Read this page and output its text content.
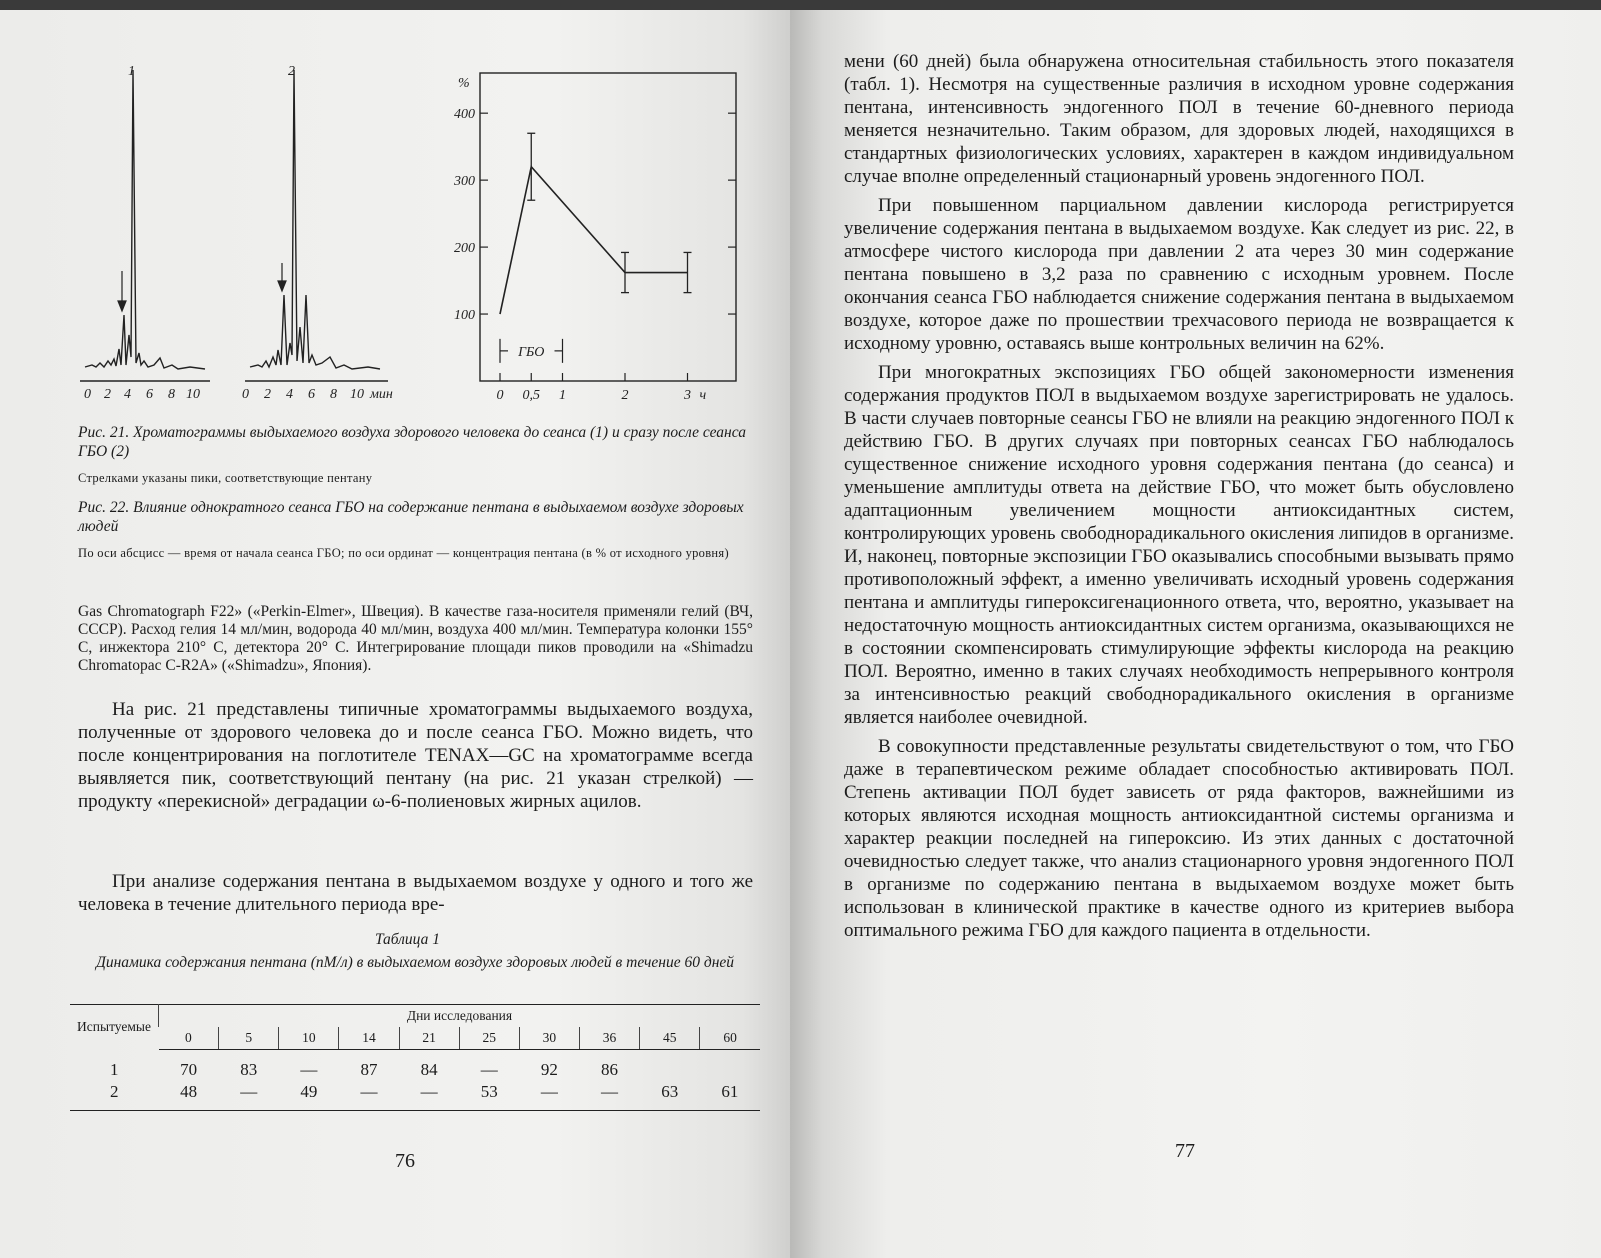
1	2
0 2 4 6 8 10	0 2 4 6 8 10 мин
%
400
300
200
100
0 0,5 1	2	3 ч
ГБО

Рис. 21. Хроматограммы выдыхаемого воздуха здорового человека до сеанса (1) и сразу после сеанса ГБО (2)

Стрелками указаны пики, соответствующие пентану

Рис. 22. Влияние однократного сеанса ГБО на содержание пентана в выдыхаемом воздухе здоровых людей

По оси абсцисс — время от начала сеанса ГБО; по оси ординат — концентрация пентана (в % от исходного уровня)

Gas Chromatograph F22» («Perkin-Elmer», Швеция). В качестве газа-носителя применяли гелий (ВЧ, СССР). Расход гелия 14 мл/мин, водорода 40 мл/мин, воздуха 400 мл/мин. Температура колонки 155° С, инжектора 210° С, детектора 20° С. Интегрирование площади пиков проводили на «Shimadzu Chromatopac C-R2A» («Shimadzu», Япония).

На рис. 21 представлены типичные хроматограммы выдыхаемого воздуха, полученные от здорового человека до и после сеанса ГБО. Можно видеть, что после концентрирования на поглотителе TENAX—GC на хроматограмме всегда выявляется пик, соответствующий пентану (на рис. 21 указан стрелкой) — продукту «перекисной» деградации ω-6-полиеновых жирных ацилов.

При анализе содержания пентана в выдыхаемом воздухе у одного и того же человека в течение длительного периода вре-

Таблица 1

Динамика содержания пентана (nМ/л) в выдыхаемом воздухе здоровых людей в течение 60 дней

Испытуемые	Дни исследования									
	0	5	10	14	21	25	30	36	45	60
1	70	83	—	87	84	—	92	86		
2	48	—	49	—	—	53	—	—	63	61
76

мени (60 дней) была обнаружена относительная стабильность этого показателя (табл. 1). Несмотря на существенные различия в исходном уровне содержания пентана, интенсивность эндогенного ПОЛ в течение 60-дневного периода меняется незначительно. Таким образом, для здоровых людей, находящихся в стандартных физиологических условиях, характерен в каждом индивидуальном случае вполне определенный стационарный уровень эндогенного ПОЛ.

При повышенном парциальном давлении кислорода регистрируется увеличение содержания пентана в выдыхаемом воздухе. Как следует из рис. 22, в атмосфере чистого кислорода при давлении 2 ата через 30 мин содержание пентана повышено в 3,2 раза по сравнению с исходным уровнем. После окончания сеанса ГБО наблюдается снижение содержания пентана в выдыхаемом воздухе, которое даже по прошествии трехчасового периода не возвращается к исходному уровню, оставаясь выше контрольных величин на 62%.

При многократных экспозициях ГБО общей закономерности изменения содержания продуктов ПОЛ в выдыхаемом воздухе зарегистрировать не удалось. В части случаев повторные сеансы ГБО не влияли на реакцию эндогенного ПОЛ к действию ГБО. В других случаях при повторных сеансах ГБО наблюдалось существенное снижение исходного уровня содержания пентана (до сеанса) и уменьшение амплитуды ответа на действие ГБО, что может быть обусловлено адаптационным увеличением мощности антиоксидантных систем, контролирующих уровень свободнорадикального окисления липидов в организме. И, наконец, повторные экспозиции ГБО оказывались способными вызывать прямо противоположный эффект, а именно увеличивать исходный уровень содержания пентана и амплитуды гипероксигенационного ответа, что, вероятно, указывает на недостаточную мощность антиоксидантных систем организма, оказывающихся не в состоянии скомпенсировать стимулирующие эффекты кислорода на реакцию ПОЛ. Вероятно, именно в таких случаях необходимость непрерывного контроля за интенсивностью реакций свободнорадикального окисления в организме является наиболее очевидной.

В совокупности представленные результаты свидетельствуют о том, что ГБО даже в терапевтическом режиме обладает способностью активировать ПОЛ. Степень активации ПОЛ будет зависеть от ряда факторов, важнейшими из которых являются исходная мощность антиоксидантной системы организма и характер реакции последней на гипероксию. Из этих данных с достаточной очевидностью следует также, что анализ стационарного уровня эндогенного ПОЛ в организме по содержанию пентана в выдыхаемом воздухе может быть использован в клинической практике в качестве одного из критериев выбора оптимального режима ГБО для каждого пациента в отдельности.

77
